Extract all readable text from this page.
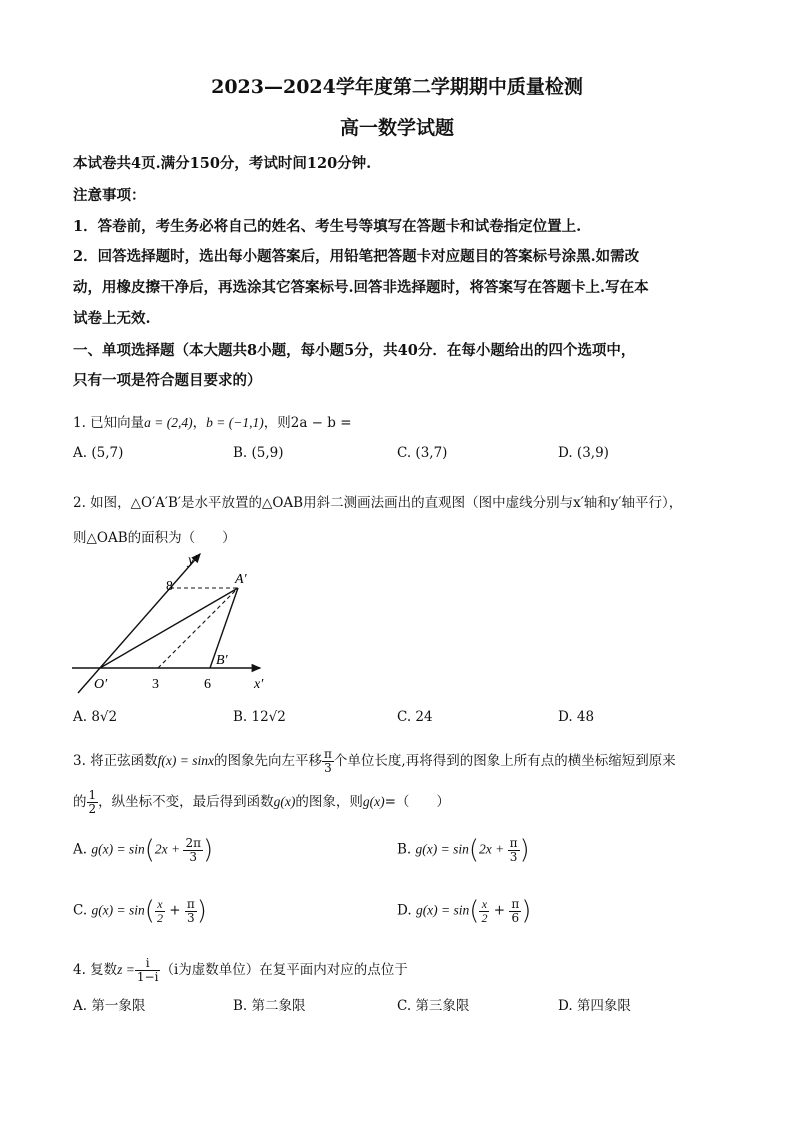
2023—2024学年度第二学期期中质量检测
高一数学试题
本试卷共4页.满分150分，考试时间120分钟.
注意事项：
1．答卷前，考生务必将自己的姓名、考生号等填写在答题卡和试卷指定位置上.
2．回答选择题时，选出每小题答案后，用铅笔把答题卡对应题目的答案标号涂黑.如需改
动，用橡皮擦干净后，再选涂其它答案标号.回答非选择题时，将答案写在答题卡上.写在本
试卷上无效.
一、单项选择题（本大题共8小题，每小题5分，共40分．在每小题给出的四个选项中，
只有一项是符合题目要求的）
1. 已知向量a = (2,4)，b = (−1,1)，则2a − b =
A. (5,7)	B. (5,9)	C. (3,7)	D. (3,9)
2. 如图，△O′A′B′是水平放置的△OAB用斜二测画法画出的直观图（图中虚线分别与x′轴和y′轴平行），
则△OAB的面积为（　　）
y′
x′
A′
B′
O′
8
3	6
A. 8√2	B. 12√2	C. 24	D. 48
3. 将正弦函数f(x) = sinx的图象先向左平移 $\frac{\pi}{3}$ 个单位长度,再将得到的图象上所有点的横坐标缩短到原来
的 $\frac{1}{2}$ ，纵坐标不变，最后得到函数g(x)的图象，则g(x)=（　　）
A. $g(x) = \sin(2x + \frac{2\pi}{3}$ )	B. $g(x) = \sin(2x + \frac{\pi}{3}$ )
C. $g(x) = \sin( \frac{x}{2} + \frac{\pi}{3}$ )	D. $g(x) = \sin( \frac{x}{2} + \frac{\pi}{6}$ )
4. 复数$z = \frac{i}{1-i} (i$为虚数单位）在复平面内对应的点位于
A. 第一象限	B. 第二象限	C. 第三象限	D. 第四象限
